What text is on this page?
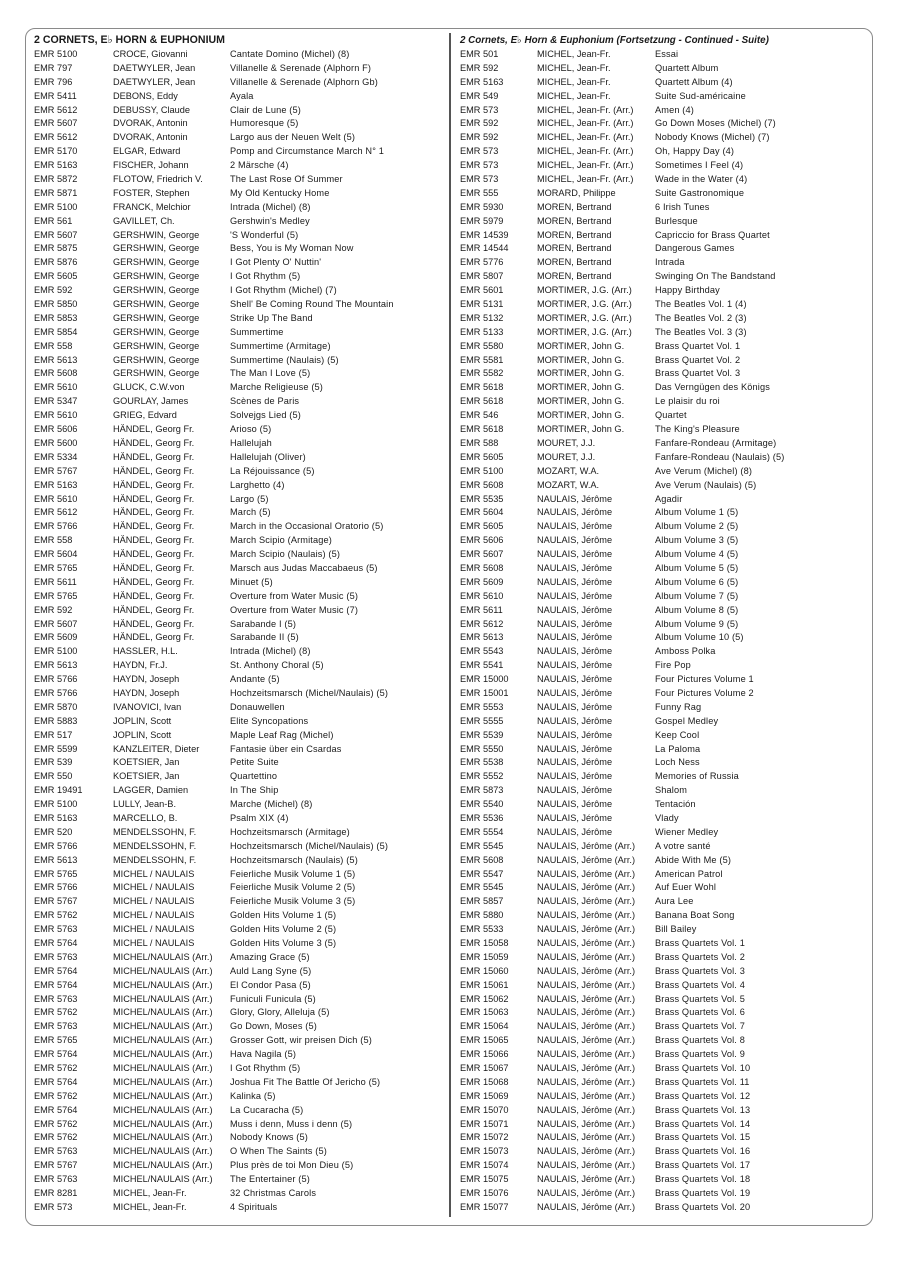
2 CORNETS, E♭ HORN & EUPHONIUM
EMR 5100	CROCE, Giovanni	Cantate Domino (Michel) (8)
EMR 797	DAETWYLER, Jean	Villanelle & Serenade (Alphorn F)
EMR 796	DAETWYLER, Jean	Villanelle & Serenade (Alphorn Gb)
EMR 5411	DEBONS, Eddy	Ayala
EMR 5612	DEBUSSY, Claude	Clair de Lune (5)
EMR 5607	DVORAK, Antonin	Humoresque (5)
EMR 5612	DVORAK, Antonin	Largo aus der Neuen Welt (5)
EMR 5170	ELGAR, Edward	Pomp and Circumstance March N° 1
EMR 5163	FISCHER, Johann	2 Märsche (4)
EMR 5872	FLOTOW, Friedrich V.	The Last Rose Of Summer
EMR 5871	FOSTER, Stephen	My Old Kentucky Home
EMR 5100	FRANCK, Melchior	Intrada (Michel) (8)
EMR 561	GAVILLET, Ch.	Gershwin's Medley
EMR 5607	GERSHWIN, George	'S Wonderful (5)
EMR 5875	GERSHWIN, George	Bess, You is My Woman Now
EMR 5876	GERSHWIN, George	I Got Plenty O' Nuttin'
EMR 5605	GERSHWIN, George	I Got Rhythm (5)
EMR 592	GERSHWIN, George	I Got Rhythm (Michel) (7)
EMR 5850	GERSHWIN, George	Shell' Be Coming Round The Mountain
EMR 5853	GERSHWIN, George	Strike Up The Band
EMR 5854	GERSHWIN, George	Summertime
EMR 558	GERSHWIN, George	Summertime (Armitage)
EMR 5613	GERSHWIN, George	Summertime (Naulais) (5)
EMR 5608	GERSHWIN, George	The Man I Love (5)
EMR 5610	GLUCK, C.W.von	Marche Religieuse (5)
EMR 5347	GOURLAY, James	Scènes de Paris
EMR 5610	GRIEG, Edvard	Solvejgs Lied (5)
EMR 5606	HÄNDEL, Georg Fr.	Arioso (5)
EMR 5600	HÄNDEL, Georg Fr.	Hallelujah
EMR 5334	HÄNDEL, Georg Fr.	Hallelujah (Oliver)
EMR 5767	HÄNDEL, Georg Fr.	La Réjouissance (5)
EMR 5163	HÄNDEL, Georg Fr.	Larghetto (4)
EMR 5610	HÄNDEL, Georg Fr.	Largo (5)
EMR 5612	HÄNDEL, Georg Fr.	March (5)
EMR 5766	HÄNDEL, Georg Fr.	March in the Occasional Oratorio (5)
EMR 558	HÄNDEL, Georg Fr.	March Scipio (Armitage)
EMR 5604	HÄNDEL, Georg Fr.	March Scipio (Naulais) (5)
EMR 5765	HÄNDEL, Georg Fr.	Marsch aus Judas Maccabaeus (5)
EMR 5611	HÄNDEL, Georg Fr.	Minuet (5)
EMR 5765	HÄNDEL, Georg Fr.	Overture from Water Music (5)
EMR 592	HÄNDEL, Georg Fr.	Overture from Water Music (7)
EMR 5607	HÄNDEL, Georg Fr.	Sarabande I (5)
EMR 5609	HÄNDEL, Georg Fr.	Sarabande II (5)
EMR 5100	HASSLER, H.L.	Intrada (Michel) (8)
EMR 5613	HAYDN, Fr.J.	St. Anthony Choral (5)
EMR 5766	HAYDN, Joseph	Andante (5)
EMR 5766	HAYDN, Joseph	Hochzeitsmarsch (Michel/Naulais) (5)
EMR 5870	IVANOVICI, Ivan	Donauwellen
EMR 5883	JOPLIN, Scott	Elite Syncopations
EMR 517	JOPLIN, Scott	Maple Leaf Rag (Michel)
EMR 5599	KANZLEITER, Dieter	Fantasie über ein Csardas
EMR 539	KOETSIER, Jan	Petite Suite
EMR 550	KOETSIER, Jan	Quartettino
EMR 19491	LAGGER, Damien	In The Ship
EMR 5100	LULLY, Jean-B.	Marche (Michel) (8)
EMR 5163	MARCELLO, B.	Psalm XIX (4)
EMR 520	MENDELSSOHN, F.	Hochzeitsmarsch (Armitage)
EMR 5766	MENDELSSOHN, F.	Hochzeitsmarsch (Michel/Naulais) (5)
EMR 5613	MENDELSSOHN, F.	Hochzeitsmarsch (Naulais) (5)
EMR 5765	MICHEL / NAULAIS	Feierliche Musik Volume 1 (5)
EMR 5766	MICHEL / NAULAIS	Feierliche Musik Volume 2 (5)
EMR 5767	MICHEL / NAULAIS	Feierliche Musik Volume 3 (5)
EMR 5762	MICHEL / NAULAIS	Golden Hits Volume 1 (5)
EMR 5763	MICHEL / NAULAIS	Golden Hits Volume 2 (5)
EMR 5764	MICHEL / NAULAIS	Golden Hits Volume 3 (5)
EMR 5763	MICHEL/NAULAIS (Arr.)	Amazing Grace (5)
EMR 5764	MICHEL/NAULAIS (Arr.)	Auld Lang Syne (5)
EMR 5764	MICHEL/NAULAIS (Arr.)	El Condor Pasa (5)
EMR 5763	MICHEL/NAULAIS (Arr.)	Funiculi Funicula (5)
EMR 5762	MICHEL/NAULAIS (Arr.)	Glory, Glory, Alleluja (5)
EMR 5763	MICHEL/NAULAIS (Arr.)	Go Down, Moses (5)
EMR 5765	MICHEL/NAULAIS (Arr.)	Grosser Gott, wir preisen Dich (5)
EMR 5764	MICHEL/NAULAIS (Arr.)	Hava Nagila (5)
EMR 5762	MICHEL/NAULAIS (Arr.)	I Got Rhythm (5)
EMR 5764	MICHEL/NAULAIS (Arr.)	Joshua Fit The Battle Of Jericho (5)
EMR 5762	MICHEL/NAULAIS (Arr.)	Kalinka (5)
EMR 5764	MICHEL/NAULAIS (Arr.)	La Cucaracha (5)
EMR 5762	MICHEL/NAULAIS (Arr.)	Muss i denn, Muss i denn (5)
EMR 5762	MICHEL/NAULAIS (Arr.)	Nobody Knows (5)
EMR 5763	MICHEL/NAULAIS (Arr.)	O When The Saints (5)
EMR 5767	MICHEL/NAULAIS (Arr.)	Plus près de toi Mon Dieu (5)
EMR 5763	MICHEL/NAULAIS (Arr.)	The Entertainer (5)
EMR 8281	MICHEL, Jean-Fr.	32 Christmas Carols
EMR 573	MICHEL, Jean-Fr.	4 Spirituals
2 Cornets, E♭ Horn & Euphonium (Fortsetzung - Continued - Suite)
EMR 501	MICHEL, Jean-Fr.	Essai
EMR 592	MICHEL, Jean-Fr.	Quartett Album
EMR 5163	MICHEL, Jean-Fr.	Quartett Album (4)
EMR 549	MICHEL, Jean-Fr.	Suite Sud-américaine
EMR 573	MICHEL, Jean-Fr. (Arr.)	Amen (4)
EMR 592	MICHEL, Jean-Fr. (Arr.)	Go Down Moses (Michel) (7)
EMR 592	MICHEL, Jean-Fr. (Arr.)	Nobody Knows (Michel) (7)
EMR 573	MICHEL, Jean-Fr. (Arr.)	Oh, Happy Day (4)
EMR 573	MICHEL, Jean-Fr. (Arr.)	Sometimes I Feel (4)
EMR 573	MICHEL, Jean-Fr. (Arr.)	Wade in the Water (4)
EMR 555	MORARD, Philippe	Suite Gastronomique
EMR 5930	MOREN, Bertrand	6 Irish Tunes
EMR 5979	MOREN, Bertrand	Burlesque
EMR 14539	MOREN, Bertrand	Capriccio for Brass Quartet
EMR 14544	MOREN, Bertrand	Dangerous Games
EMR 5776	MOREN, Bertrand	Intrada
EMR 5807	MOREN, Bertrand	Swinging On The Bandstand
EMR 5601	MORTIMER, J.G. (Arr.)	Happy Birthday
EMR 5131	MORTIMER, J.G. (Arr.)	The Beatles Vol. 1 (4)
EMR 5132	MORTIMER, J.G. (Arr.)	The Beatles Vol. 2 (3)
EMR 5133	MORTIMER, J.G. (Arr.)	The Beatles Vol. 3 (3)
EMR 5580	MORTIMER, John G.	Brass Quartet Vol. 1
EMR 5581	MORTIMER, John G.	Brass Quartet Vol. 2
EMR 5582	MORTIMER, John G.	Brass Quartet Vol. 3
EMR 5618	MORTIMER, John G.	Das Verngügen des Königs
EMR 5618	MORTIMER, John G.	Le plaisir du roi
EMR 546	MORTIMER, John G.	Quartet
EMR 5618	MORTIMER, John G.	The King's Pleasure
EMR 588	MOURET, J.J.	Fanfare-Rondeau (Armitage)
EMR 5605	MOURET, J.J.	Fanfare-Rondeau (Naulais) (5)
EMR 5100	MOZART, W.A.	Ave Verum (Michel) (8)
EMR 5608	MOZART, W.A.	Ave Verum (Naulais) (5)
EMR 5535	NAULAIS, Jérôme	Agadir
EMR 5604	NAULAIS, Jérôme	Album Volume 1 (5)
EMR 5605	NAULAIS, Jérôme	Album Volume 2 (5)
EMR 5606	NAULAIS, Jérôme	Album Volume 3 (5)
EMR 5607	NAULAIS, Jérôme	Album Volume 4 (5)
EMR 5608	NAULAIS, Jérôme	Album Volume 5 (5)
EMR 5609	NAULAIS, Jérôme	Album Volume 6 (5)
EMR 5610	NAULAIS, Jérôme	Album Volume 7 (5)
EMR 5611	NAULAIS, Jérôme	Album Volume 8 (5)
EMR 5612	NAULAIS, Jérôme	Album Volume 9 (5)
EMR 5613	NAULAIS, Jérôme	Album Volume 10 (5)
EMR 5543	NAULAIS, Jérôme	Amboss Polka
EMR 5541	NAULAIS, Jérôme	Fire Pop
EMR 15000	NAULAIS, Jérôme	Four Pictures Volume 1
EMR 15001	NAULAIS, Jérôme	Four Pictures Volume 2
EMR 5553	NAULAIS, Jérôme	Funny Rag
EMR 5555	NAULAIS, Jérôme	Gospel Medley
EMR 5539	NAULAIS, Jérôme	Keep Cool
EMR 5550	NAULAIS, Jérôme	La Paloma
EMR 5538	NAULAIS, Jérôme	Loch Ness
EMR 5552	NAULAIS, Jérôme	Memories of Russia
EMR 5873	NAULAIS, Jérôme	Shalom
EMR 5540	NAULAIS, Jérôme	Tentación
EMR 5536	NAULAIS, Jérôme	Vlady
EMR 5554	NAULAIS, Jérôme	Wiener Medley
EMR 5545	NAULAIS, Jérôme (Arr.)	A votre santé
EMR 5608	NAULAIS, Jérôme (Arr.)	Abide With Me (5)
EMR 5547	NAULAIS, Jérôme (Arr.)	American Patrol
EMR 5545	NAULAIS, Jérôme (Arr.)	Auf Euer Wohl
EMR 5857	NAULAIS, Jérôme (Arr.)	Aura Lee
EMR 5880	NAULAIS, Jérôme (Arr.)	Banana Boat Song
EMR 5533	NAULAIS, Jérôme (Arr.)	Bill Bailey
EMR 15058	NAULAIS, Jérôme (Arr.)	Brass Quartets Vol. 1
EMR 15059	NAULAIS, Jérôme (Arr.)	Brass Quartets Vol. 2
EMR 15060	NAULAIS, Jérôme (Arr.)	Brass Quartets Vol. 3
EMR 15061	NAULAIS, Jérôme (Arr.)	Brass Quartets Vol. 4
EMR 15062	NAULAIS, Jérôme (Arr.)	Brass Quartets Vol. 5
EMR 15063	NAULAIS, Jérôme (Arr.)	Brass Quartets Vol. 6
EMR 15064	NAULAIS, Jérôme (Arr.)	Brass Quartets Vol. 7
EMR 15065	NAULAIS, Jérôme (Arr.)	Brass Quartets Vol. 8
EMR 15066	NAULAIS, Jérôme (Arr.)	Brass Quartets Vol. 9
EMR 15067	NAULAIS, Jérôme (Arr.)	Brass Quartets Vol. 10
EMR 15068	NAULAIS, Jérôme (Arr.)	Brass Quartets Vol. 11
EMR 15069	NAULAIS, Jérôme (Arr.)	Brass Quartets Vol. 12
EMR 15070	NAULAIS, Jérôme (Arr.)	Brass Quartets Vol. 13
EMR 15071	NAULAIS, Jérôme (Arr.)	Brass Quartets Vol. 14
EMR 15072	NAULAIS, Jérôme (Arr.)	Brass Quartets Vol. 15
EMR 15073	NAULAIS, Jérôme (Arr.)	Brass Quartets Vol. 16
EMR 15074	NAULAIS, Jérôme (Arr.)	Brass Quartets Vol. 17
EMR 15075	NAULAIS, Jérôme (Arr.)	Brass Quartets Vol. 18
EMR 15076	NAULAIS, Jérôme (Arr.)	Brass Quartets Vol. 19
EMR 15077	NAULAIS, Jérôme (Arr.)	Brass Quartets Vol. 20
